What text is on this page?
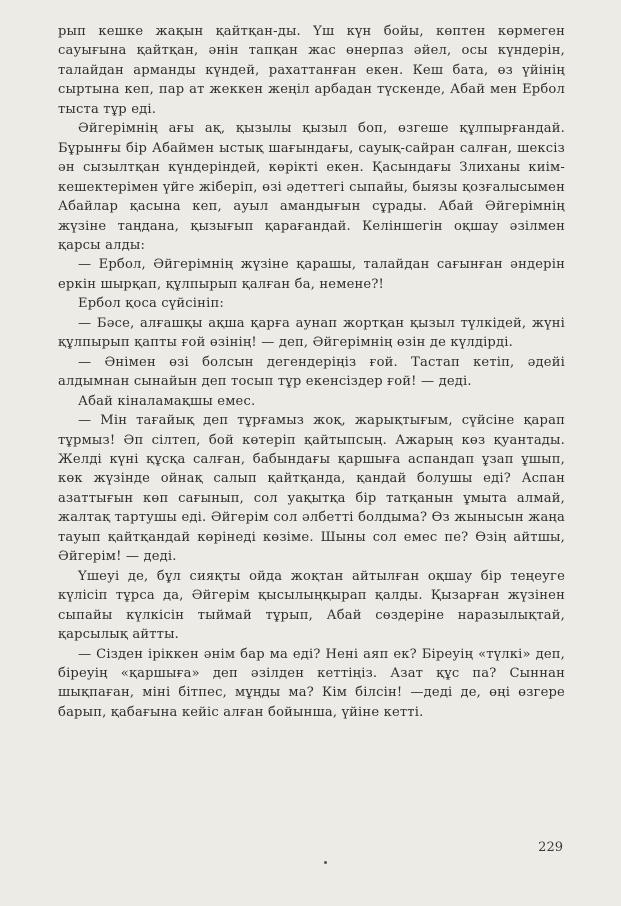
рып кешке жақын қайтқан-ды. Үш күн бойы, көптен көрмеген сауығына қайтқан, әнін тапқан жас өнерпаз әйел, осы күндерін, талайдан арманды күндей, рахаттанған екен. Кеш бата, өз үйінің сыртына кеп, пар ат жеккен жеңіл арбадан түскенде, Абай мен Ербол тыста тұр еді.

Әйгерімнің ағы ақ, қызылы қызыл боп, өзгеше құлпырғандай. Бұрынғы бір Абаймен ыстық шағындағы, сауық-сайран салған, шексіз ән сызылтқан күндеріндей, көрікті екен. Қасындағы Злиханы киім-кешектерімен үйге жіберіп, өзі әдеттегі сыпайы, быязы қозғалысымен Абайлар қасына кеп, ауыл амандығын сұрады. Абай Әйгерімнің жүзіне таңдана, қызығып қарағандай. Келіншегін оқшау әзілмен қарсы алды:

— Ербол, Әйгерімнің жүзіне қарашы, талайдан сағынған әндерін еркін шырқап, құлпырып қалған ба, немене?!

Ербол қоса сүйсініп:

— Бәсе, алғашқы ақша қарға аунап жортқан қызыл түлкідей, жүні құлпырып қапты ғой өзінің! — деп, Әйгерімнің өзін де күлдірді.

— Әнімен өзі болсын дегендеріңіз ғой. Тастап кетіп, әдейі алдымнан сынайын деп тосып тұр екенсіздер ғой! — деді.

Абай кіналамақшы емес.

— Мін тағайық деп тұрғамыз жоқ, жарықтығым, сүйсіне қарап тұрмыз! Әп сілтеп, бой көтеріп қайтыпсың. Ажарың көз қуантады. Желді күні құсқа салған, бабындағы қаршыға аспандап ұзап ұшып, көк жүзінде ойнақ салып қайтқанда, қандай болушы еді? Аспан азаттығын көп сағынып, сол уақытқа бір татқанын ұмыта алмай, жалтақ тартушы еді. Әйгерім сол әлбетті болдыма? Өз жынысын жаңа тауып қайтқандай көрінеді көзіме. Шыны сол емес пе? Өзің айтшы, Әйгерім! — деді.

Үшеуі де, бұл сияқты ойда жоқтан айтылған оқшау бір теңеуге күлісіп тұрса да, Әйгерім қысылыңқырап қалды. Қызарған жүзінен сыпайы күлкісін тыймай тұрып, Абай сөздеріне наразылықтай, қарсылық айтты.

— Сізден іріккен әнім бар ма еді? Нені аяп ек? Біреуің «түлкі» деп, біреуің «қаршыға» деп әзілден кеттіңіз. Азат құс па? Сыннан шықпаған, міні бітпес, мұңды ма? Кім білсін! —деді де, өңі өзгере барып, қабағына кейіс алған бойынша, үйіне кетті.

229
